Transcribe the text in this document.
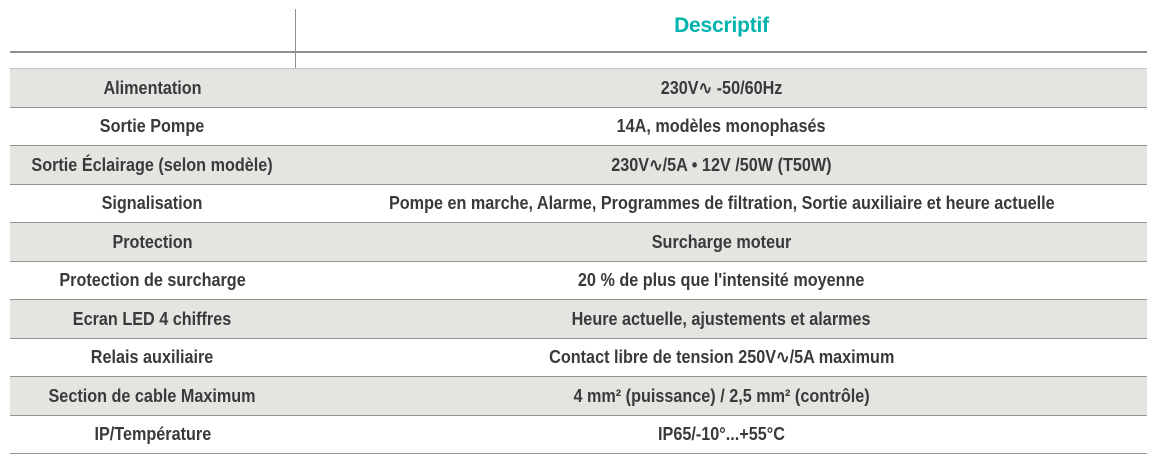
Descriptif
Alimentation	230V∿ -50/60Hz
Sortie Pompe	14A, modèles monophasés
Sortie Éclairage (selon modèle)	230V∿/5A • 12V /50W (T50W)
Signalisation	Pompe en marche, Alarme, Programmes de filtration, Sortie auxiliaire et heure actuelle
Protection	Surcharge moteur
Protection de surcharge	20 % de plus que l'intensité moyenne
Ecran LED 4 chiffres	Heure actuelle, ajustements et alarmes
Relais auxiliaire	Contact libre de tension 250V∿/5A maximum
Section de cable Maximum	4 mm² (puissance) / 2,5 mm² (contrôle)
IP/Température	IP65/-10°...+55°C
